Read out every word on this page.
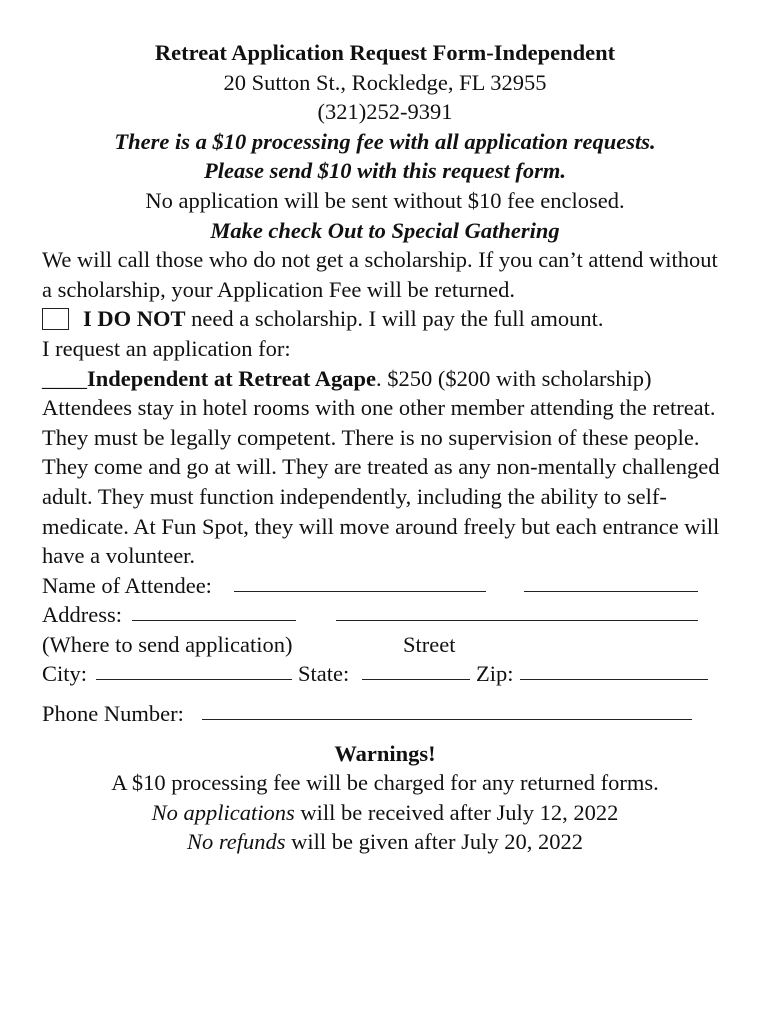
Retreat Application Request Form-Independent
20 Sutton St., Rockledge, FL 32955
(321)252-9391
There is a $10 processing fee with all application requests.
Please send $10 with this request form.
No application will be sent without $10 fee enclosed.
Make check Out to Special Gathering
We will call those who do not get a scholarship. If you can’t attend without a scholarship, your Application Fee will be returned.
I DO NOT need a scholarship. I will pay the full amount.
I request an application for:
____Independent at Retreat Agape. $250 ($200 with scholarship)
Attendees stay in hotel rooms with one other member attending the retreat. They must be legally competent. There is no supervision of these people. They come and go at will. They are treated as any non-mentally challenged adult. They must function independently, including the ability to self-medicate. At Fun Spot, they will move around freely but each entrance will have a volunteer.
Name of Attendee:
Address:
(Where to send application)	Street
City:	State:	Zip:
Phone Number:
Warnings!
A $10 processing fee will be charged for any returned forms.
No applications will be received after July 12, 2022
No refunds will be given after July 20, 2022
